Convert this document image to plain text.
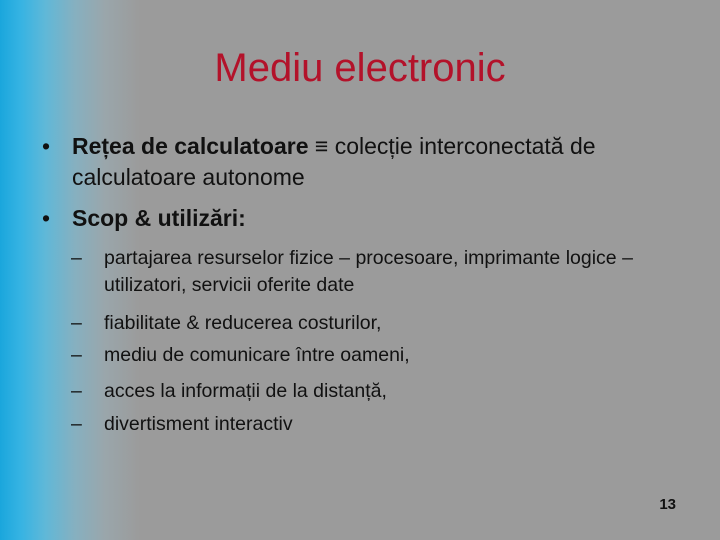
Mediu electronic
• Rețea de calculatoare ≡ colecție interconectată de calculatoare autonome
• Scop & utilizări:
– partajarea resurselor fizice – procesoare, imprimante logice – utilizatori, servicii oferite date
– fiabilitate & reducerea costurilor,
– mediu de comunicare între oameni,
– acces la informații de la distanță,
– divertisment interactiv
13
